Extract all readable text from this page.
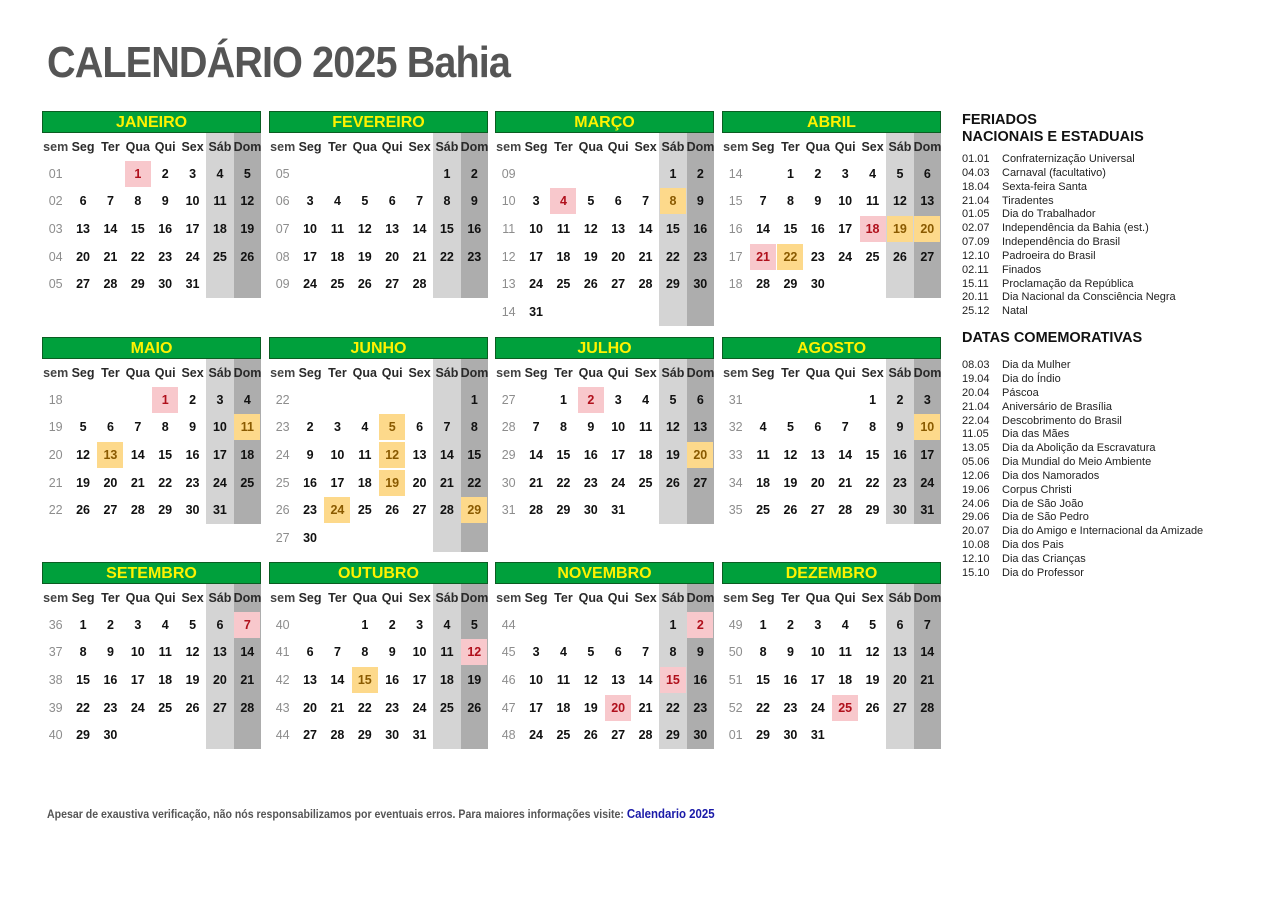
CALENDÁRIO 2025 Bahia
JANEIRO
sem	Seg	Ter	Qua	Qui	Sex	Sáb	Dom
01			1	2	3	4	5
02	6	7	8	9	10	11	12
03	13	14	15	16	17	18	19
04	20	21	22	23	24	25	26
05	27	28	29	30	31		

FEVEREIRO
sem	Seg	Ter	Qua	Qui	Sex	Sáb	Dom
05						1	2
06	3	4	5	6	7	8	9
07	10	11	12	13	14	15	16
08	17	18	19	20	21	22	23
09	24	25	26	27	28		

MARÇO
sem	Seg	Ter	Qua	Qui	Sex	Sáb	Dom
09						1	2
10	3	4	5	6	7	8	9
11	10	11	12	13	14	15	16
12	17	18	19	20	21	22	23
13	24	25	26	27	28	29	30
14	31						
ABRIL
sem	Seg	Ter	Qua	Qui	Sex	Sáb	Dom
14		1	2	3	4	5	6
15	7	8	9	10	11	12	13
16	14	15	16	17	18	19	20

17	21	22	23	24	25	26	27
18	28	29	30				

MAIO
sem	Seg	Ter	Qua	Qui	Sex	Sáb	Dom
18				1	2	3	4
19	5	6	7	8	9	10	11

20	12	13	14	15	16	17	18
21	19	20	21	22	23	24	25
22	26	27	28	29	30	31	

JUNHO
sem	Seg	Ter	Qua	Qui	Sex	Sáb	Dom
22							1
23	2	3	4	5	6	7	8
24	9	10	11	12	13	14	15
25	16	17	18	19	20	21	22
26	23	24	25	26	27	28	29

27	30						
JULHO
sem	Seg	Ter	Qua	Qui	Sex	Sáb	Dom
27		1	2	3	4	5	6
28	7	8	9	10	11	12	13
29	14	15	16	17	18	19	20

30	21	22	23	24	25	26	27
31	28	29	30	31			

AGOSTO
sem	Seg	Ter	Qua	Qui	Sex	Sáb	Dom
31					1	2	3
32	4	5	6	7	8	9	10

33	11	12	13	14	15	16	17
34	18	19	20	21	22	23	24
35	25	26	27	28	29	30	31

SETEMBRO
sem	Seg	Ter	Qua	Qui	Sex	Sáb	Dom
36	1	2	3	4	5	6	7

37	8	9	10	11	12	13	14
38	15	16	17	18	19	20	21
39	22	23	24	25	26	27	28
40	29	30					

OUTUBRO
sem	Seg	Ter	Qua	Qui	Sex	Sáb	Dom
40			1	2	3	4	5
41	6	7	8	9	10	11	12

42	13	14	15	16	17	18	19
43	20	21	22	23	24	25	26
44	27	28	29	30	31		

NOVEMBRO
sem	Seg	Ter	Qua	Qui	Sex	Sáb	Dom
44						1	2

45	3	4	5	6	7	8	9
46	10	11	12	13	14	15	16
47	17	18	19	20	21	22	23
48	24	25	26	27	28	29	30

DEZEMBRO
sem	Seg	Ter	Qua	Qui	Sex	Sáb	Dom
49	1	2	3	4	5	6	7
50	8	9	10	11	12	13	14
51	15	16	17	18	19	20	21
52	22	23	24	25	26	27	28
01	29	30	31				

FERIADOS
NACIONAIS E ESTADUAIS
01.01	Confraternização Universal
04.03	Carnaval (facultativo)
18.04	Sexta-feira Santa
21.04	Tiradentes
01.05	Dia do Trabalhador
02.07	Independência da Bahia (est.)
07.09	Independência do Brasil
12.10	Padroeira do Brasil
02.11	Finados
15.11	Proclamação da República
20.11	Dia Nacional da Consciência Negra
25.12	Natal
DATAS COMEMORATIVAS
08.03	Dia da Mulher
19.04	Dia do Índio
20.04	Páscoa
21.04	Aniversário de Brasília
22.04	Descobrimento do Brasil
11.05	Dia das Mães
13.05	Dia da Abolição da Escravatura
05.06	Dia Mundial do Meio Ambiente
12.06	Dia dos Namorados
19.06	Corpus Christi
24.06	Dia de São João
29.06	Dia de São Pedro
20.07	Dia do Amigo e Internacional da Amizade
10.08	Dia dos Pais
12.10	Dia das Crianças
15.10	Dia do Professor
Apesar de exaustiva verificação, não nós responsabilizamos por eventuais erros. Para maiores informações visite: Calendario 2025
